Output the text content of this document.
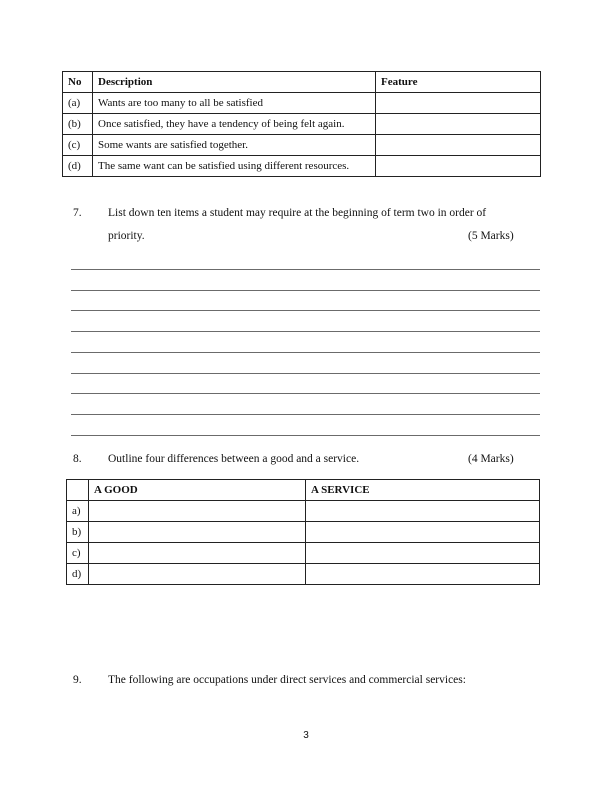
No	Description	Feature
(a)	Wants are too many to all be satisfied	
(b)	Once satisfied, they have a tendency of being felt again.	
(c)	Some wants are satisfied together.	
(d)	The same want can be satisfied using different resources.	
7. List down ten items a student may require at the beginning of term two in order of
priority.	(5 Marks)
8. Outline four differences between a good and a service.	(4 Marks)
	A GOOD	A SERVICE
a)		
b)		
c)		
d)		
9. The following are occupations under direct services and commercial services:
3
